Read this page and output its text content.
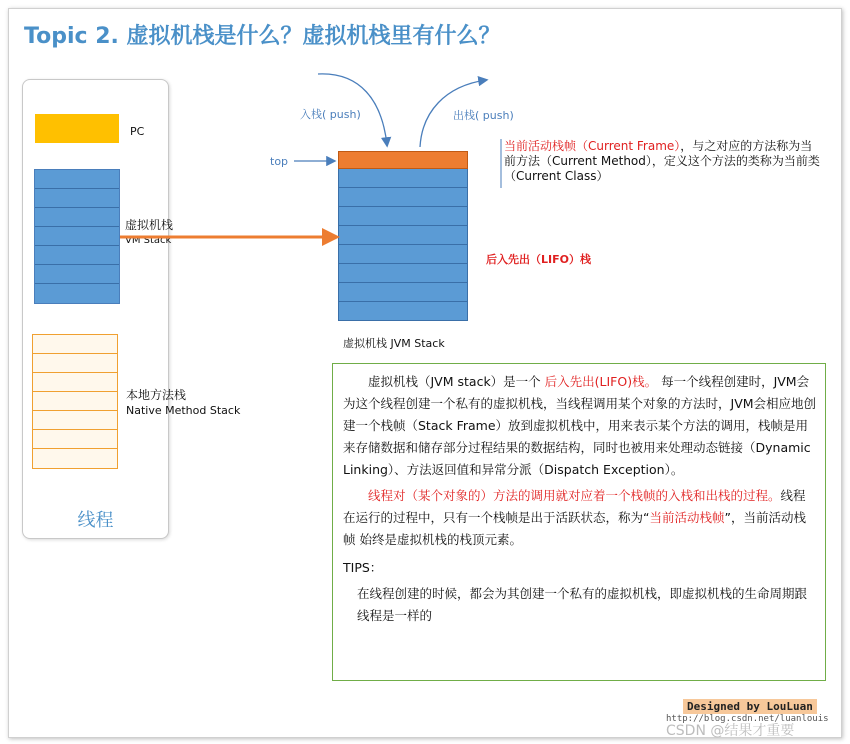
Topic 2. 虚拟机栈是什么？虚拟机栈里有什么？
线程
PC
虚拟机栈
VM Stack
本地方法栈
Native Method Stack
虚拟机栈 JVM Stack
入栈( push)	出栈( push)
top
后入先出（LIFO）栈
当前活动栈帧（Current Frame），与之对应的方法称为当前方法（Current Method），定义这个方法的类称为当前类（Current Class）

虚拟机栈（JVM stack）是一个 后入先出(LIFO)栈。 每一个线程创建时，JVM会为这个线程创建一个私有的虚拟机栈，当线程调用某个对象的方法时，JVM会相应地创建一个栈帧（Stack Frame）放到虚拟机栈中，用来表示某个方法的调用，栈帧是用来存储数据和储存部分过程结果的数据结构，同时也被用来处理动态链接（Dynamic Linking）、方法返回值和异常分派（Dispatch Exception）。

线程对（某个对象的）方法的调用就对应着一个栈帧的入栈和出栈的过程。线程在运行的过程中，只有一个栈帧是出于活跃状态，称为“当前活动栈帧”，当前活动栈帧 始终是虚拟机栈的栈顶元素。

TIPS：

在线程创建的时候，都会为其创建一个私有的虚拟机栈，即虚拟机栈的生命周期跟线程是一样的

Designed by LouLuan
http://blog.csdn.net/luanlouis
CSDN @结果才重要
